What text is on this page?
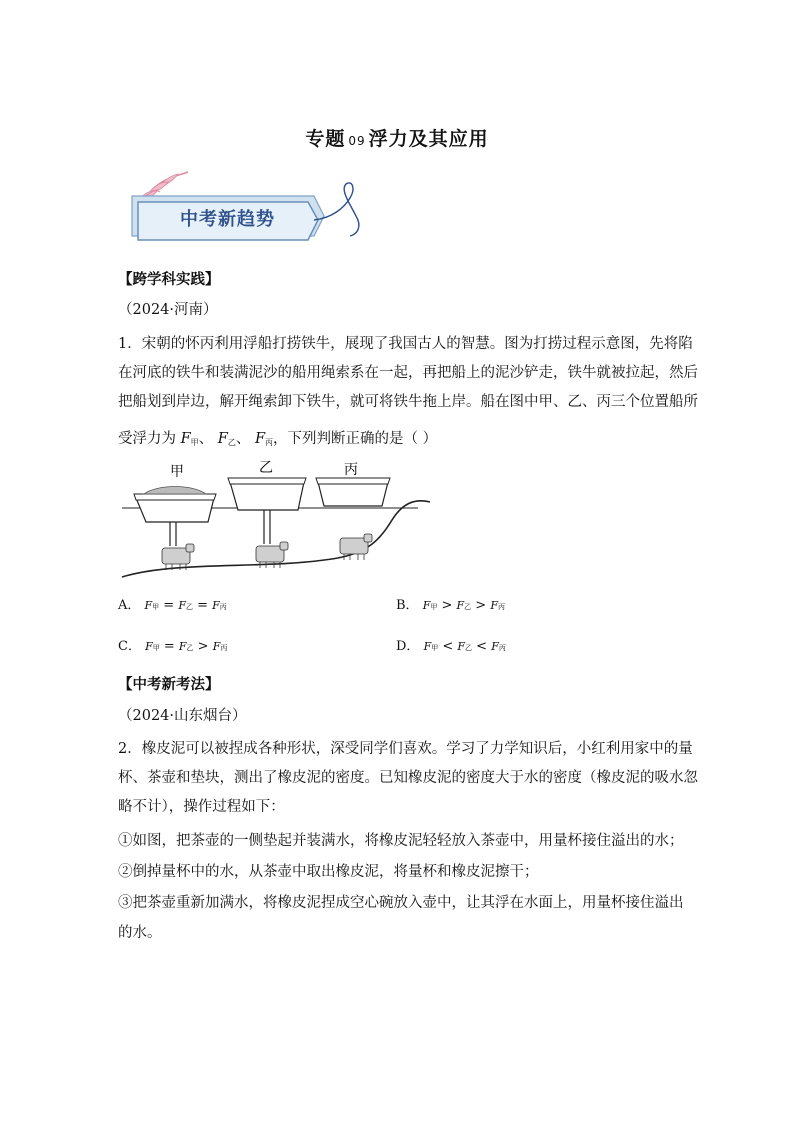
专题 09 浮力及其应用
中考新趋势
【跨学科实践】
（2024·河南）
1．宋朝的怀丙利用浮船打捞铁牛，展现了我国古人的智慧。图为打捞过程示意图，先将陷
在河底的铁牛和装满泥沙的船用绳索系在一起，再把船上的泥沙铲走，铁牛就被拉起，然后
把船划到岸边，解开绳索卸下铁牛，就可将铁牛拖上岸。船在图中甲、乙、丙三个位置船所
受浮力为 $F_甲$、 $F_乙$、 $F_丙$，下列判断正确的是（ ）
甲	乙	丙
A． F甲 = F乙 = F丙	B． F甲 > F乙 > F丙
C． F甲 = F乙 > F丙	D． F甲 < F乙 < F丙
【中考新考法】
（2024·山东烟台）
2．橡皮泥可以被捏成各种形状，深受同学们喜欢。学习了力学知识后，小红利用家中的量
杯、茶壶和垫块，测出了橡皮泥的密度。已知橡皮泥的密度大于水的密度（橡皮泥的吸水忽
略不计），操作过程如下：
①如图，把茶壶的一侧垫起并装满水，将橡皮泥轻轻放入茶壶中，用量杯接住溢出的水；
②倒掉量杯中的水，从茶壶中取出橡皮泥，将量杯和橡皮泥擦干；
③把茶壶重新加满水，将橡皮泥捏成空心碗放入壶中，让其浮在水面上，用量杯接住溢出
的水。
